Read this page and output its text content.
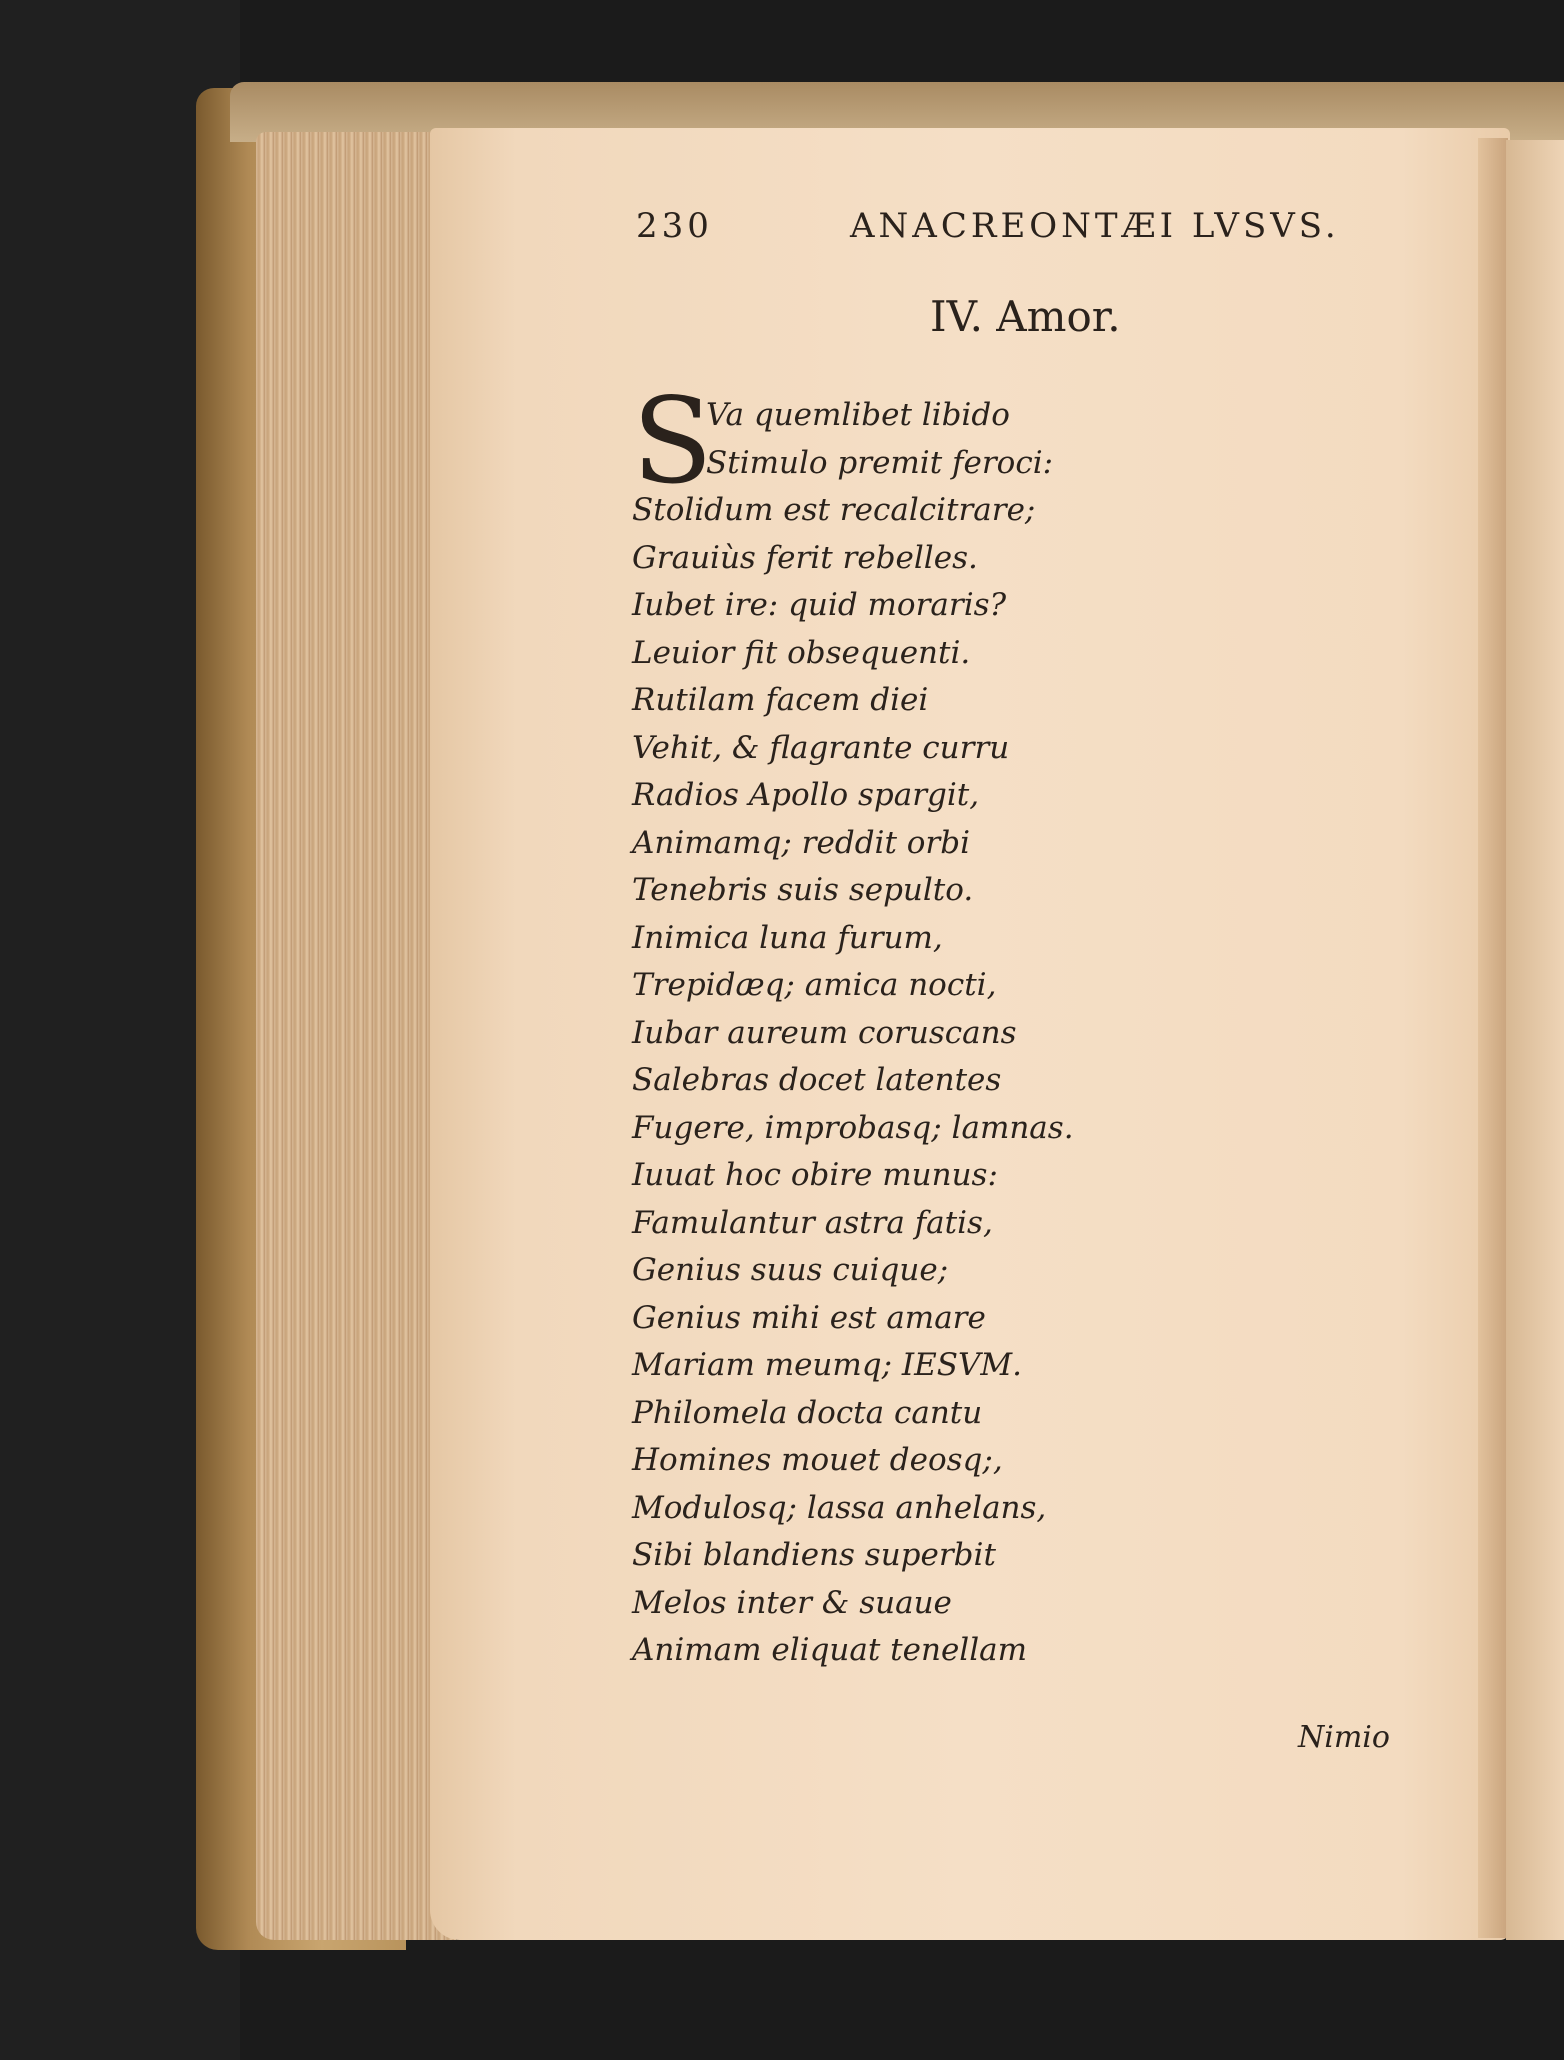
230	ANACREONTÆI LVSVS.
IV. Amor.
S
Va quemlibet libido
Stimulo premit feroci:
Stolidum est recalcitrare;
Grauiùs ferit rebelles.
Iubet ire: quid moraris?
Leuior fit obsequenti.
Rutilam facem diei
Vehit, & flagrante curru
Radios Apollo spargit,
Animamq; reddit orbi
Tenebris suis sepulto.
Inimica luna furum,
Trepidæq; amica nocti,
Iubar aureum coruscans
Salebras docet latentes
Fugere, improbasq; lamnas.
Iuuat hoc obire munus:
Famulantur astra fatis,
Genius suus cuique;
Genius mihi est amare
Mariam meumq; IESVM.
Philomela docta cantu
Homines mouet deosq;,
Modulosq; lassa anhelans,
Sibi blandiens superbit
Melos inter & suaue
Animam eliquat tenellam
Nimio
